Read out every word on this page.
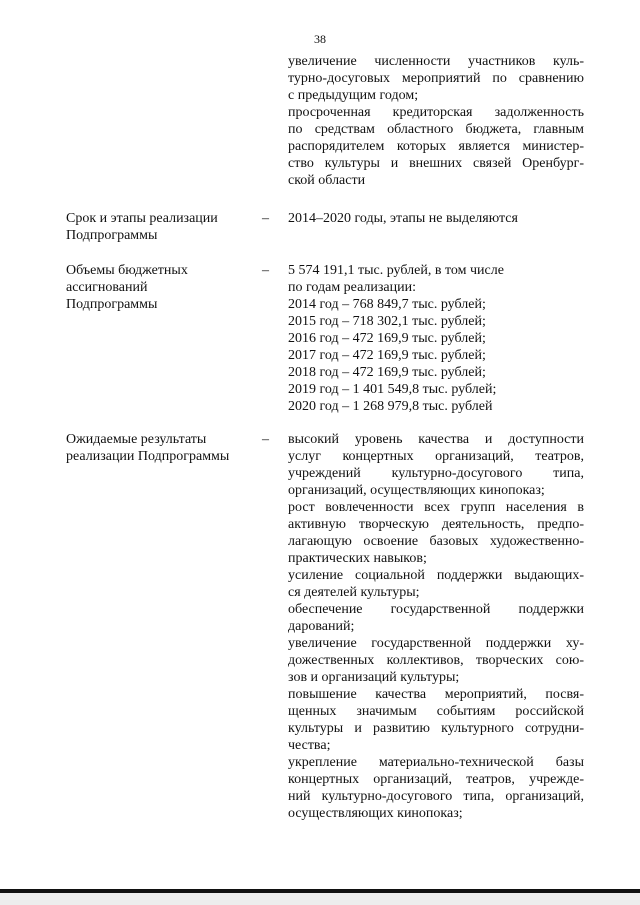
38
увеличение численности участников куль-
турно-досуговых мероприятий по сравнению
с предыдущим годом;
просроченная кредиторская задолженность
по средствам областного бюджета, главным
распорядителем которых является министер-
ство культуры и внешних связей Оренбург-
ской области
Срок и этапы реализации
Подпрограммы
–	2014–2020 годы, этапы не выделяются
Объемы бюджетных
ассигнований
Подпрограммы
–	5 574 191,1 тыс. рублей, в том числе
по годам реализации:
2014 год – 768 849,7 тыс. рублей;
2015 год – 718 302,1 тыс. рублей;
2016 год – 472 169,9 тыс. рублей;
2017 год – 472 169,9 тыс. рублей;
2018 год – 472 169,9 тыс. рублей;
2019 год – 1 401 549,8 тыс. рублей;
2020 год – 1 268 979,8 тыс. рублей
Ожидаемые результаты
реализации Подпрограммы
–	высокий уровень качества и доступности
услуг концертных организаций, театров,
учреждений культурно-досугового типа,
организаций, осуществляющих кинопоказ;
рост вовлеченности всех групп населения в
активную творческую деятельность, предпо-
лагающую освоение базовых художественно-
практических навыков;
усиление социальной поддержки выдающих-
ся деятелей культуры;
обеспечение государственной поддержки
дарований;
увеличение государственной поддержки ху-
дожественных коллективов, творческих сою-
зов и организаций культуры;
повышение качества мероприятий, посвя-
щенных значимым событиям российской
культуры и развитию культурного сотрудни-
чества;
укрепление материально-технической базы
концертных организаций, театров, учрежде-
ний культурно-досугового типа, организаций,
осуществляющих кинопоказ;
